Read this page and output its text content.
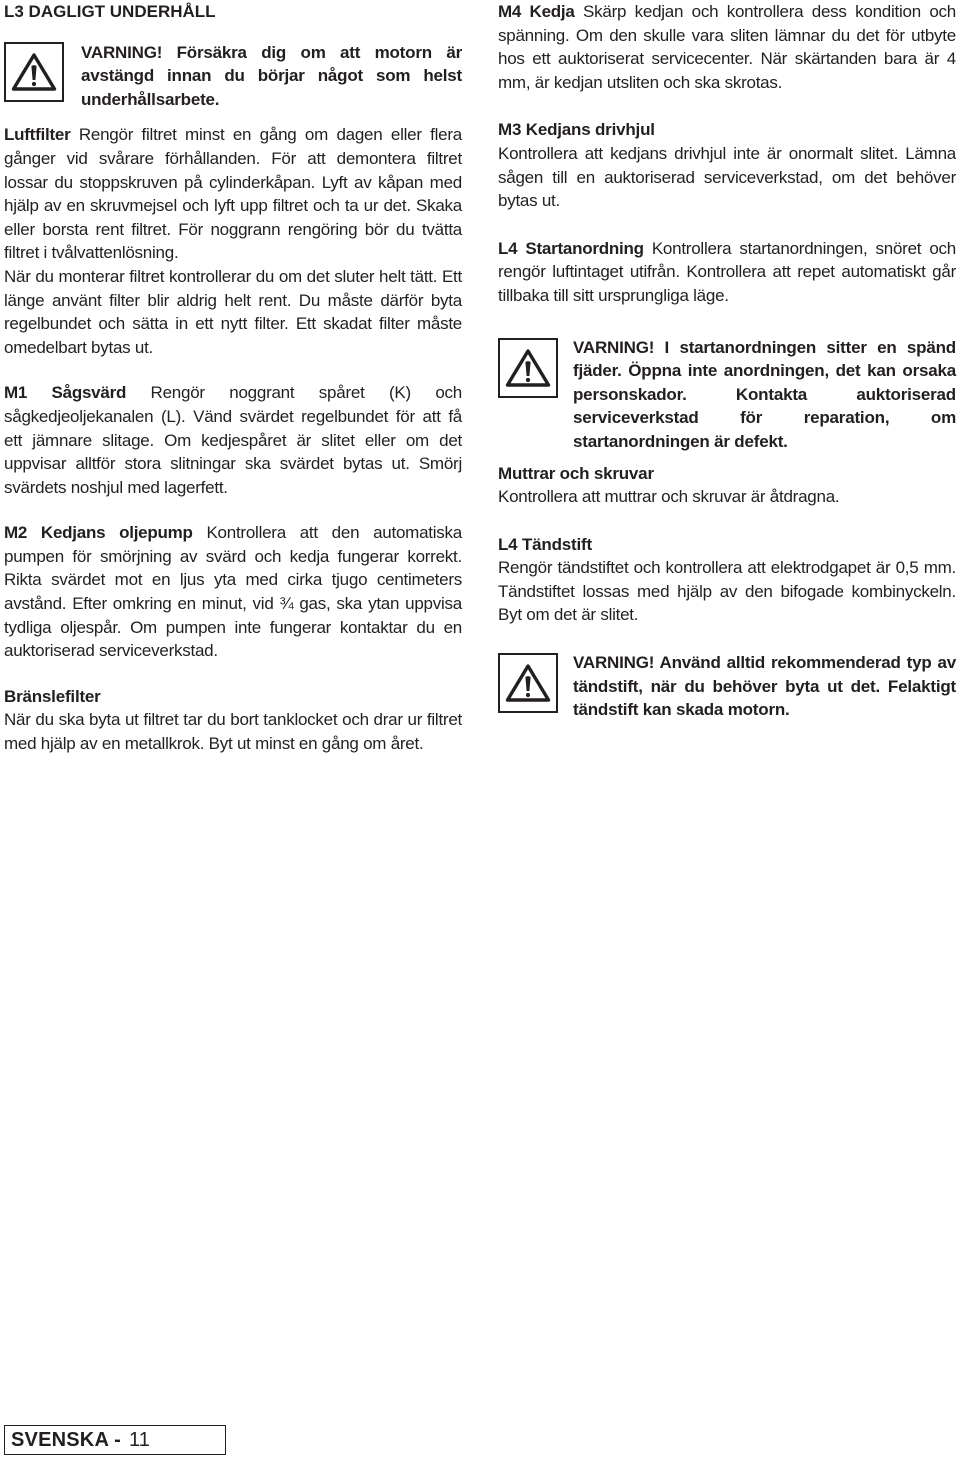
L3 DAGLIGT UNDERHÅLL

VARNING! Försäkra dig om att motorn är avstängd innan du börjar något som helst underhållsarbete.

Luftfilter Rengör filtret minst en gång om dagen eller flera gånger vid svårare förhållanden. För att demontera filtret lossar du stoppskruven på cylinderkåpan. Lyft av kåpan med hjälp av en skruvmejsel och lyft upp filtret och ta ur det. Skaka eller borsta rent filtret. För noggrann rengöring bör du tvätta filtret i tvålvattenlösning.

När du monterar filtret kontrollerar du om det sluter helt tätt. Ett länge använt filter blir aldrig helt rent. Du måste därför byta regelbundet och sätta in ett nytt filter. Ett skadat filter måste omedelbart bytas ut.

M1 Sågsvärd Rengör noggrant spåret (K) och sågkedjeoljekanalen (L). Vänd svärdet regelbundet för att få ett jämnare slitage. Om kedjespåret är slitet eller om det uppvisar alltför stora slitningar ska svärdet bytas ut. Smörj svärdets noshjul med lagerfett.

M2 Kedjans oljepump Kontrollera att den automatiska pumpen för smörjning av svärd och kedja fungerar korrekt. Rikta svärdet mot en ljus yta med cirka tjugo centimeters avstånd. Efter omkring en minut, vid ¾ gas, ska ytan uppvisa tydliga oljespår. Om pumpen inte fungerar kontaktar du en auktoriserad serviceverkstad.

Bränslefilter

När du ska byta ut filtret tar du bort tanklocket och drar ur filtret med hjälp av en metallkrok. Byt ut minst en gång om året.

M4 Kedja Skärp kedjan och kontrollera dess kondition och spänning. Om den skulle vara sliten lämnar du det för utbyte hos ett auktoriserat servicecenter. När skärtanden bara är 4 mm, är kedjan utsliten och ska skrotas.

M3 Kedjans drivhjul

Kontrollera att kedjans drivhjul inte är onormalt slitet. Lämna sågen till en auktoriserad serviceverkstad, om det behöver bytas ut.

L4 Startanordning Kontrollera startanordningen, snöret och rengör luftintaget utifrån. Kontrollera att repet automatiskt går tillbaka till sitt ursprungliga läge.

VARNING! I startanordningen sitter en spänd fjäder. Öppna inte anordningen, det kan orsaka personskador. Kontakta auktoriserad serviceverkstad för reparation, om startanordningen är defekt.

Muttrar och skruvar

Kontrollera att muttrar och skruvar är åtdragna.

L4 Tändstift

Rengör tändstiftet och kontrollera att elektrodgapet är 0,5 mm. Tändstiftet lossas med hjälp av den bifogade kombinyckeln. Byt om det är slitet.

VARNING! Använd alltid rekommenderad typ av tändstift, när du behöver byta ut det. Felaktigt tändstift kan skada motorn.

SVENSKA - 11
